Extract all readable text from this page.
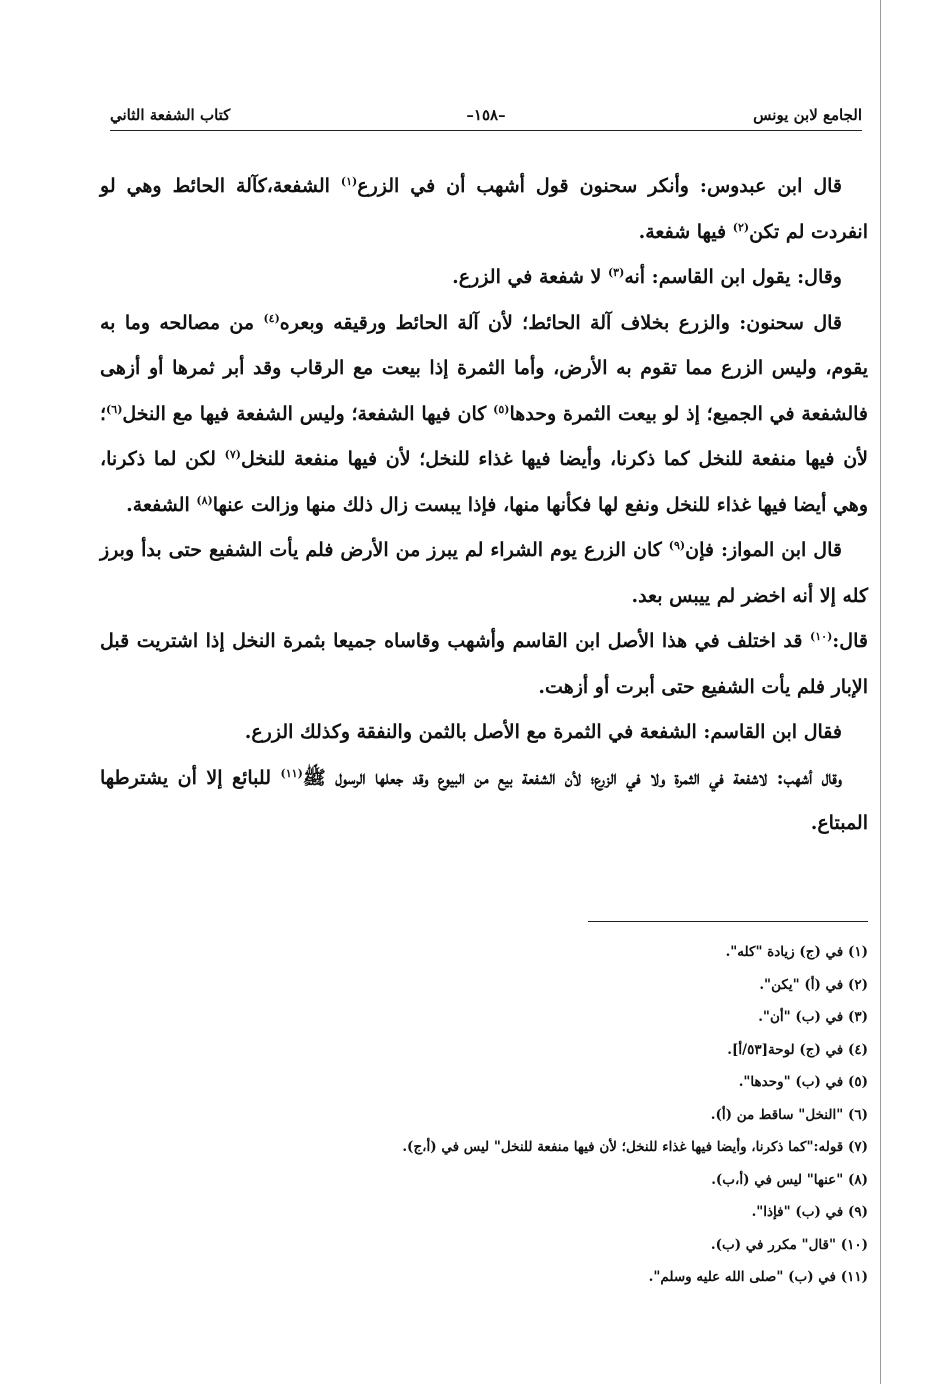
الجامع لابن يونس
–١٥٨–
كتاب الشفعة الثاني

قال ابن عبدوس: وأنكر سحنون قول أشهب أن في الزرع$^{(١)}$ الشفعة،كآلة الحائط وهي لو انفردت لم تكن$^{(٢)}$ فيها شفعة.

وقال: يقول ابن القاسم: أنه$^{(٣)}$ لا شفعة في الزرع.

قال سحنون: والزرع بخلاف آلة الحائط؛ لأن آلة الحائط ورقيقه وبعره$^{(٤)}$ من مصالحه وما به يقوم، وليس الزرع مما تقوم به الأرض، وأما الثمرة إذا بيعت مع الرقاب وقد أبر ثمرها أو أزهى فالشفعة في الجميع؛ إذ لو بيعت الثمرة وحدها$^{(٥)}$ كان فيها الشفعة؛ وليس الشفعة فيها مع النخل$^{(٦)}$؛ لأن فيها منفعة للنخل كما ذكرنا، وأيضا فيها غذاء للنخل؛ لأن فيها منفعة للنخل$^{(٧)}$ لكن لما ذكرنا، وهي أيضا فيها غذاء للنخل ونفع لها فكأنها منها، فإذا يبست زال ذلك منها وزالت عنها$^{(٨)}$ الشفعة.

قال ابن المواز: فإن$^{(٩)}$ كان الزرع يوم الشراء لم يبرز من الأرض فلم يأت الشفيع حتى بدأ وبرز كله إلا أنه اخضر لم ييبس بعد.

قال:$^{(١٠)}$ قد اختلف في هذا الأصل ابن القاسم وأشهب وقاساه جميعا بثمرة النخل إذا اشتريت قبل الإبار فلم يأت الشفيع حتى أبرت أو أزهت.

فقال ابن القاسم: الشفعة في الثمرة مع الأصل بالثمن والنفقة وكذلك الزرع.

وقال أشهب: لاشفعة في الثمرة ولا في الزرع؛ لأن الشفعة بيع من البيوع وقد جعلها الرسول ﷺ$^{(١١)}$ للبائع إلا أن يشترطها المبتاع.

(١) في (ج) زيادة "كله".
(٢) في (أ) "يكن".
(٣) في (ب) "أن".
(٤) في (ج) لوحة[٥٣/أ].
(٥) في (ب) "وحدها".
(٦) "النخل" ساقط من (أ).
(٧) قوله:"كما ذكرنا، وأيضا فيها غذاء للنخل؛ لأن فيها منفعة للنخل" ليس في (أ،ج).
(٨) "عنها" ليس في (أ،ب).
(٩) في (ب) "فإذا".
(١٠) "قال" مكرر في (ب).
(١١) في (ب) "صلى الله عليه وسلم".
